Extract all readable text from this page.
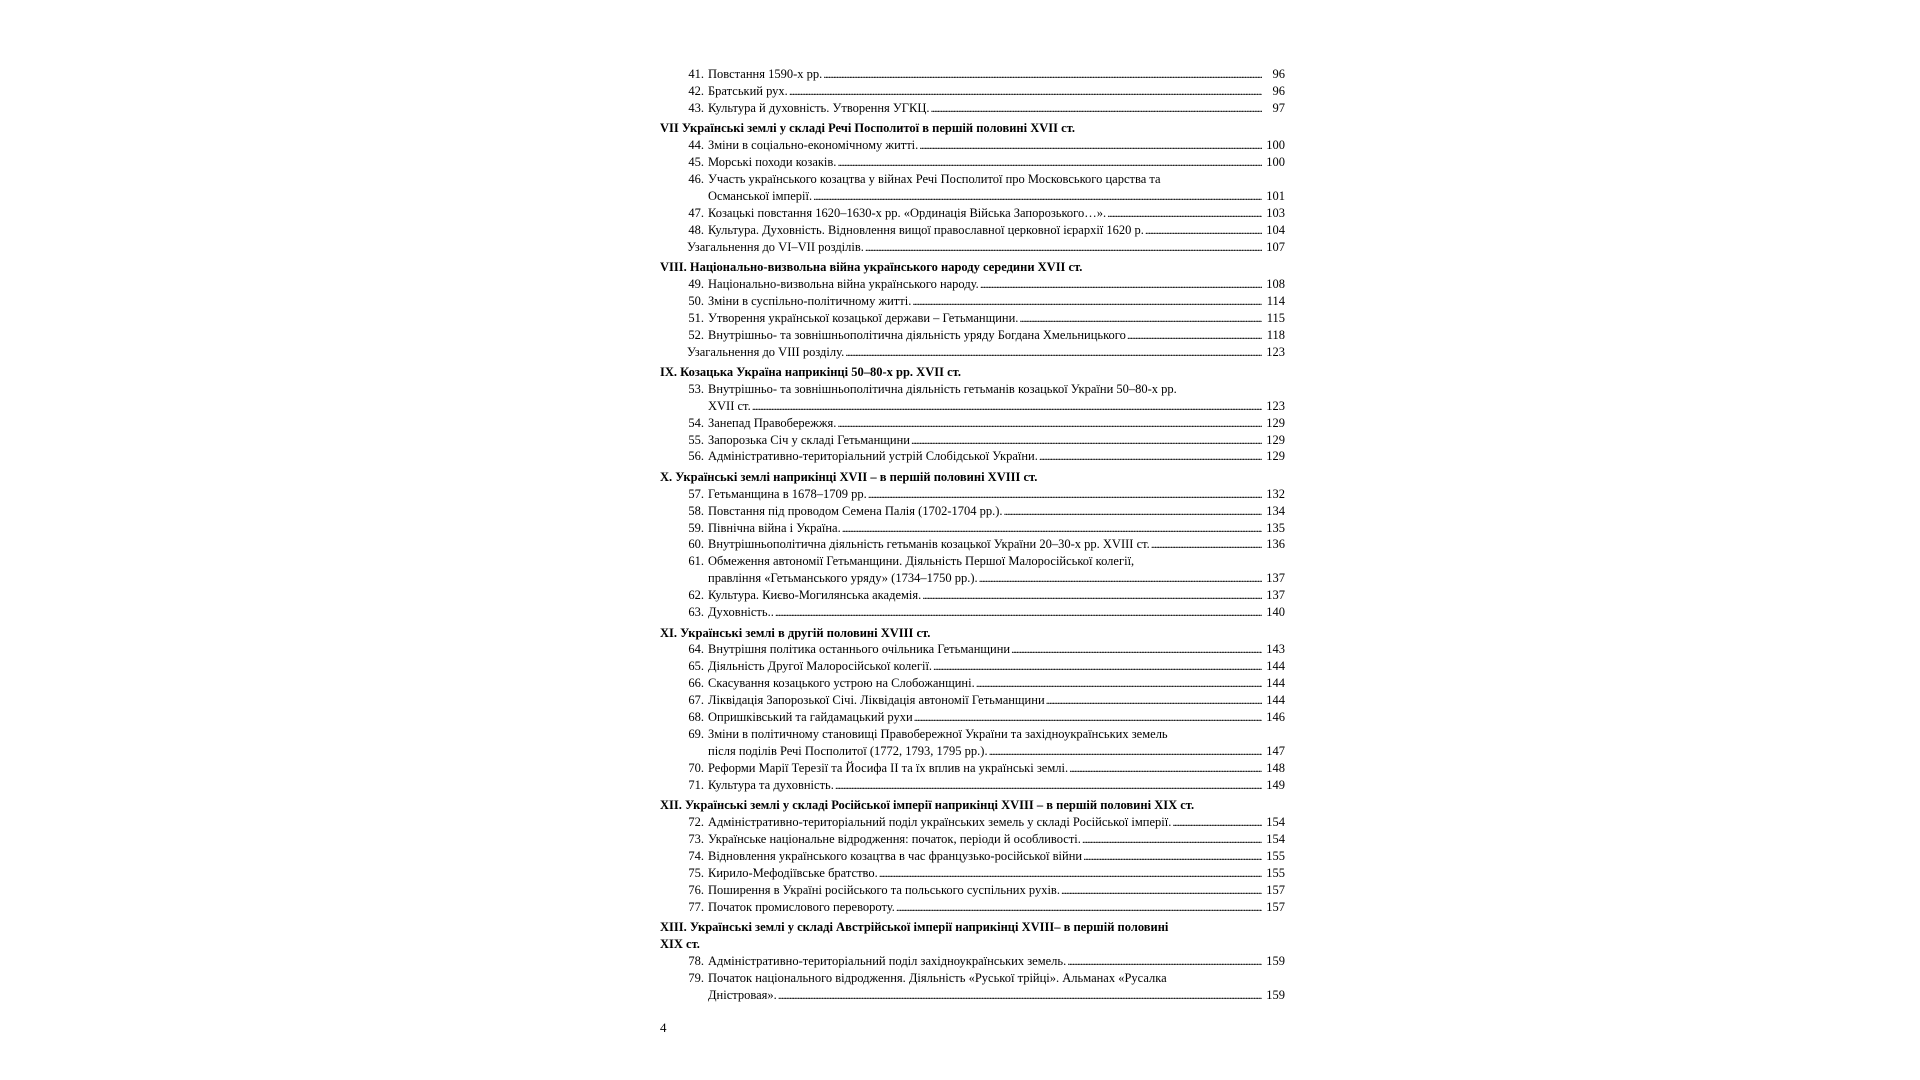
41. Повстання 1590-х рр. . . .	96
42. Братський рух. . . .	96
43. Культура й духовність. Утворення УГКЦ. . . .	97
VII Українські землі у складі Речі Посполитої в першій половині XVII ст.
44. Зміни в соціально-економічному житті. . . .	100
45. Морські походи козаків. . . .	100
46. Участь українського козацтва у війнах Речі Посполитої про Московського царства та
Османської імперії. . . .	101
47. Козацькі повстання 1620–1630-х рр. «Ординація Війська Запорозького…». . . .	103
48. Культура. Духовність. Відновлення вищої православної церковної ієрархії 1620 р. . . .	104
Узагальнення до VI–VII розділів. . . .	107
VIII. Національно-визвольна війна українського народу середини XVII ст.
49. Національно-визвольна війна українського народу. . . .	108
50. Зміни в суспільно-політичному житті. . . .	114
51. Утворення української козацької держави – Гетьманщини. . . .	115
52. Внутрішньо- та зовнішньополітична діяльність уряду Богдана Хмельницького . . .	118
Узагальнення до VIII розділу. . . .	123
IX. Козацька Україна наприкінці 50–80-х рр. XVII ст.
53. Внутрішньо- та зовнішньополітична діяльність гетьманів козацької України 50–80-х рр.
XVII ст. . . .	123
54. Занепад Правобережжя. . . .	129
55. Запорозька Січ у складі Гетьманщини . . .	129
56. Адміністративно-територіальний устрій Слобідської України. . . .	129
X. Українські землі наприкінці XVII – в першій половині XVIII ст.
57. Гетьманщина в 1678–1709 рр. . . .	132
58. Повстання під проводом Семена Палія (1702-1704 рр.). . . .	134
59. Північна війна і Україна. . . .	135
60. Внутрішньополітична діяльність гетьманів козацької України 20–30-х рр. XVIII ст. . . .	136
61. Обмеження автономії Гетьманщини. Діяльність Першої Малоросійської колегії,
правління «Гетьманського уряду» (1734–1750 рр.). . . .	137
62. Культура. Києво-Могилянська академія. . . .	137
63. Духовність.. . . .	140
XI. Українські землі в другій половині XVIII ст.
64. Внутрішня політика останнього очільника Гетьманщини . . .	143
65. Діяльність Другої Малоросійської колегії. . . .	144
66. Скасування козацького устрою на Слобожанщині. . . .	144
67. Ліквідація Запорозької Січі. Ліквідація автономії Гетьманщини . . .	144
68. Опришківський та гайдамацький рухи . . .	146
69. Зміни в політичному становищі Правобережної України та західноукраїнських земель
після поділів Речі Посполитої (1772, 1793, 1795 рр.). . . .	147
70. Реформи Марії Терезії та Йосифа ІІ та їх вплив на українські землі. . . .	148
71. Культура та духовність. . . .	149
XII. Українські землі у складі Російської імперії наприкінці XVIII – в першій половині XIX ст.
72. Адміністративно-територіальний поділ українських земель у складі Російської імперії. . . .	154
73. Українське національне відродження: початок, періоди й особливості. . . .	154
74. Відновлення українського козацтва в час французько-російської війни . . .	155
75. Кирило-Мефодіївське братство. . . .	155
76. Поширення в Україні російського та польського суспільних рухів. . . .	157
77. Початок промислового перевороту. . . .	157
XIII. Українські землі у складі Австрійської імперії наприкінці XVIII– в першій половині
XIX ст.
78. Адміністративно-територіальний поділ західноукраїнських земель. . . .	159
79. Початок національного відродження. Діяльність «Руської трійці». Альманах «Русалка
Дністровая». . . .	159
4
